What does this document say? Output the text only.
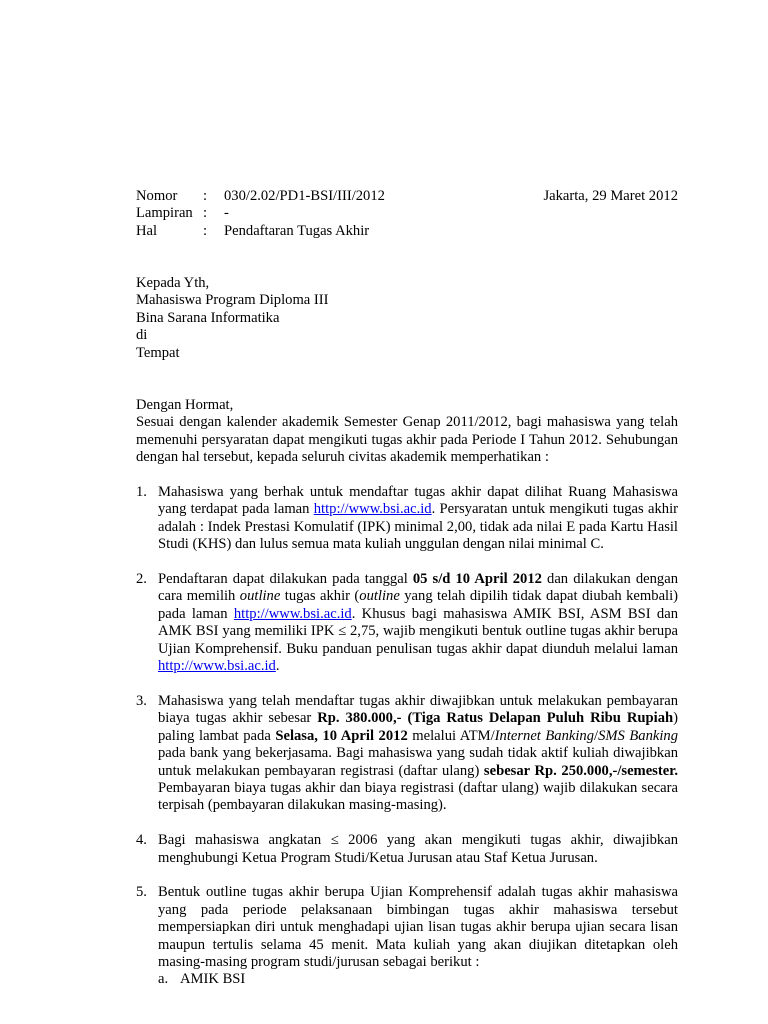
Nomor	:	030/2.02/PD1-BSI/III/2012
Lampiran :	-
Hal	:	Pendaftaran Tugas Akhir
Jakarta, 29 Maret 2012
Kepada Yth,
Mahasiswa Program Diploma III
Bina Sarana Informatika
di
Tempat
Dengan Hormat,
Sesuai dengan kalender akademik Semester Genap 2011/2012, bagi mahasiswa yang telah memenuhi persyaratan dapat mengikuti tugas akhir pada Periode I Tahun 2012. Sehubungan dengan hal tersebut, kepada seluruh civitas akademik memperhatikan :
1. Mahasiswa yang berhak untuk mendaftar tugas akhir dapat dilihat Ruang Mahasiswa yang terdapat pada laman http://www.bsi.ac.id. Persyaratan untuk mengikuti tugas akhir adalah : Indek Prestasi Komulatif (IPK) minimal 2,00, tidak ada nilai E pada Kartu Hasil Studi (KHS) dan lulus semua mata kuliah unggulan dengan nilai minimal C.
2. Pendaftaran dapat dilakukan pada tanggal 05 s/d 10 April 2012 dan dilakukan dengan cara memilih outline tugas akhir (outline yang telah dipilih tidak dapat diubah kembali) pada laman http://www.bsi.ac.id. Khusus bagi mahasiswa AMIK BSI, ASM BSI dan AMK BSI yang memiliki IPK ≤ 2,75, wajib mengikuti bentuk outline tugas akhir berupa Ujian Komprehensif. Buku panduan penulisan tugas akhir dapat diunduh melalui laman http://www.bsi.ac.id.
3. Mahasiswa yang telah mendaftar tugas akhir diwajibkan untuk melakukan pembayaran biaya tugas akhir sebesar Rp. 380.000,- (Tiga Ratus Delapan Puluh Ribu Rupiah) paling lambat pada Selasa, 10 April 2012 melalui ATM/Internet Banking/SMS Banking pada bank yang bekerjasama. Bagi mahasiswa yang sudah tidak aktif kuliah diwajibkan untuk melakukan pembayaran registrasi (daftar ulang) sebesar Rp. 250.000,-/semester. Pembayaran biaya tugas akhir dan biaya registrasi (daftar ulang) wajib dilakukan secara terpisah (pembayaran dilakukan masing-masing).
4. Bagi mahasiswa angkatan ≤ 2006 yang akan mengikuti tugas akhir, diwajibkan menghubungi Ketua Program Studi/Ketua Jurusan atau Staf Ketua Jurusan.
5. Bentuk outline tugas akhir berupa Ujian Komprehensif adalah tugas akhir mahasiswa yang pada periode pelaksanaan bimbingan tugas akhir mahasiswa tersebut mempersiapkan diri untuk menghadapi ujian lisan tugas akhir berupa ujian secara lisan maupun tertulis selama 45 menit. Mata kuliah yang akan diujikan ditetapkan oleh masing-masing program studi/jurusan sebagai berikut :
a. AMIK BSI
